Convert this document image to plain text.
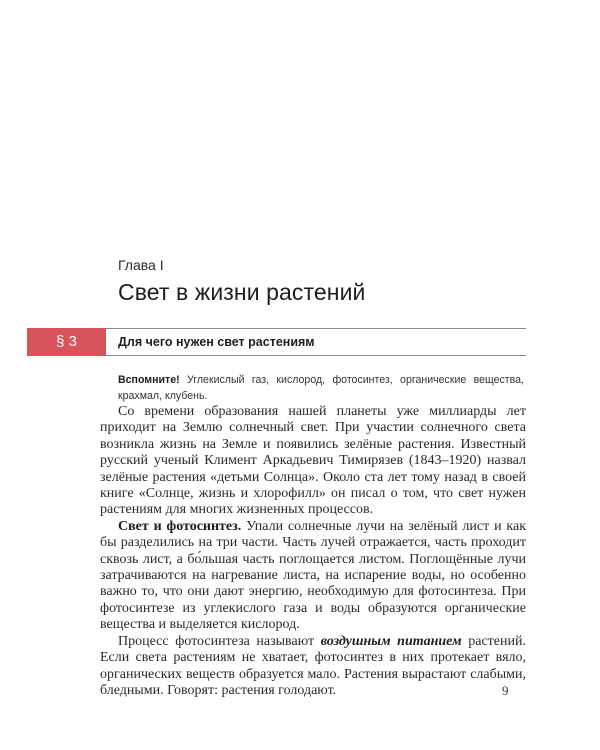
Глава I
Свет в жизни растений
§ 3	Для чего нужен свет растениям
Вспомните! Углекислый газ, кислород, фотосинтез, органические вещества, крахмал, клубень.

Со времени образования нашей планеты уже миллиарды лет приходит на Землю солнечный свет. При участии солнечного света возникла жизнь на Земле и появились зелёные растения. Известный русский ученый Климент Аркадьевич Тимирязев (1843–1920) назвал зелёные растения «детьми Солнца». Около ста лет тому назад в своей книге «Солнце, жизнь и хлорофилл» он писал о том, что свет нужен растениям для многих жизненных процессов.

Свет и фотосинтез. Упали солнечные лучи на зелёный лист и как бы разделились на три части. Часть лучей отражается, часть проходит сквозь лист, а бо́льшая часть поглощается листом. Поглощённые лучи затрачиваются на нагревание листа, на испарение воды, но особенно важно то, что они дают энергию, необходимую для фотосинтеза. При фотосинтезе из углекислого газа и воды образуются органические вещества и выделяется кислород.

Процесс фотосинтеза называют воздушным питанием растений. Если света растениям не хватает, фотосинтез в них протекает вяло, органических веществ образуется мало. Растения вырастают слабыми, бледными. Говорят: растения голодают.	9
